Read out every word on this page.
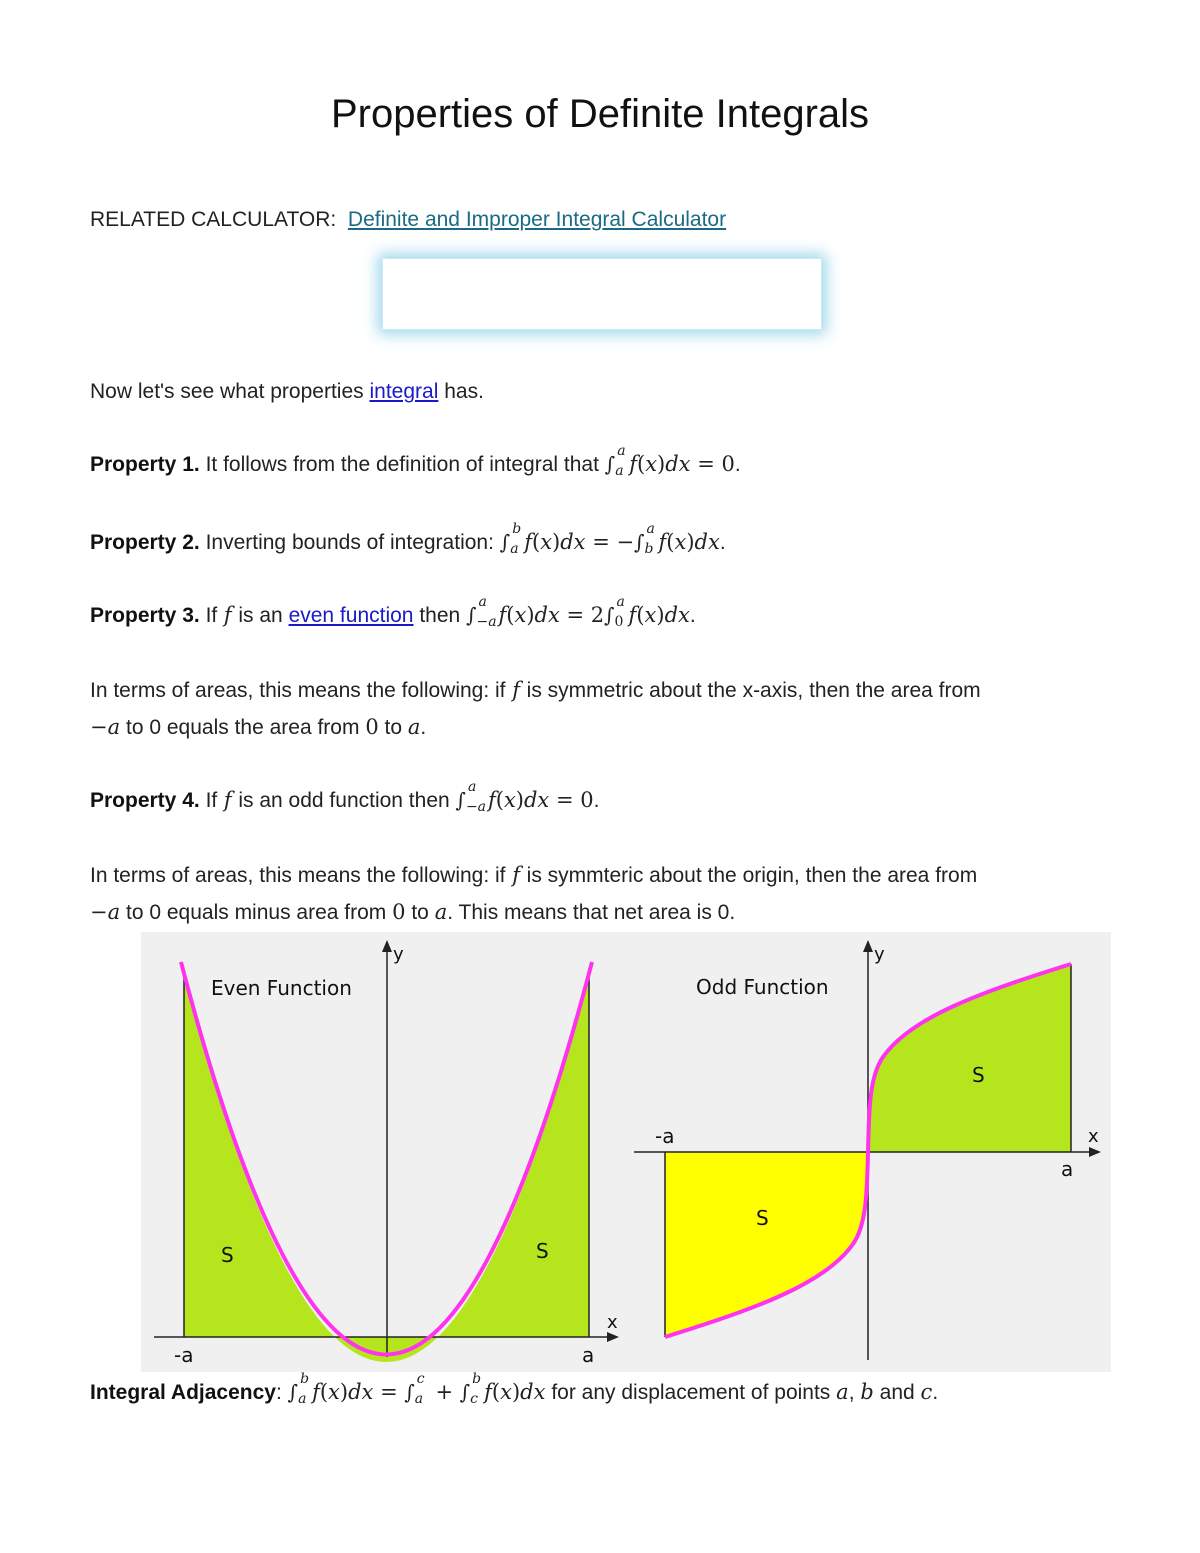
Properties of Definite Integrals
RELATED CALCULATOR: Definite and Improper Integral Calculator
Now let's see what properties integral has.
Property 1. It follows from the definition of integral that ∫
a
a f(x)dx = 0.
Property 2. Inverting bounds of integration: ∫
b
a f(x)dx = −∫
a
b f(x)dx.
Property 3. If f is an even function then ∫
a
−a f(x)dx = 2∫
a
0 f(x)dx.
In terms of areas, this means the following: if f is symmetric about the x-axis, then the area from
−a to 0 equals the area from 0 to a.
Property 4. If f is an odd function then ∫
a
−a f(x)dx = 0.
In terms of areas, this means the following: if f is symmteric about the origin, then the area from
−a to 0 equals minus area from 0 to a. This means that net area is 0.
Even Function
y
x
-a	a
S	S
Odd Function
y
x
-a
a
S
S
Integral Adjacency: ∫
b
a f(x)dx = ∫
c
a + ∫
b
c f(x)dx for any displacement of points a, b and c.
